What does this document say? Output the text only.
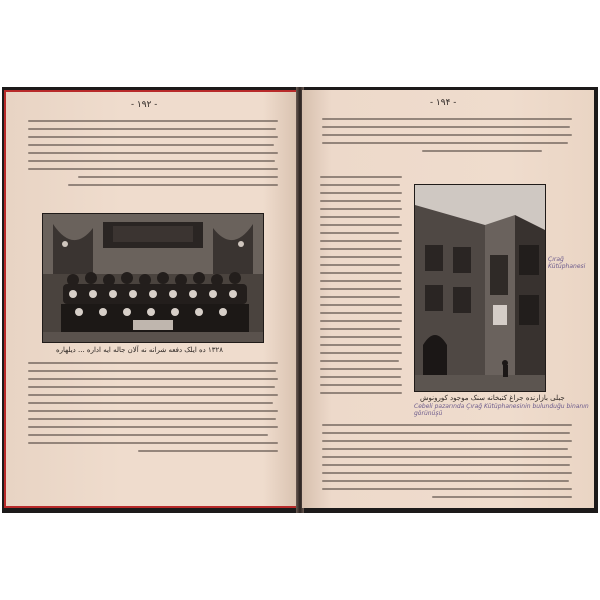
- ۱۹۲ -
۱۳۲۸ ده ایلک دفعه شرانه نه آلان جاله ایه اداره ... دیلهاره
- ۱۹۴ -
جبلی بازارنده جراغ کتبخانه سنک موجود کورونوش
Çırağ Kütüphanesi
Cebeli pazarında Çırağ Kütüphanesinin bulunduğu binanın görünüşü
